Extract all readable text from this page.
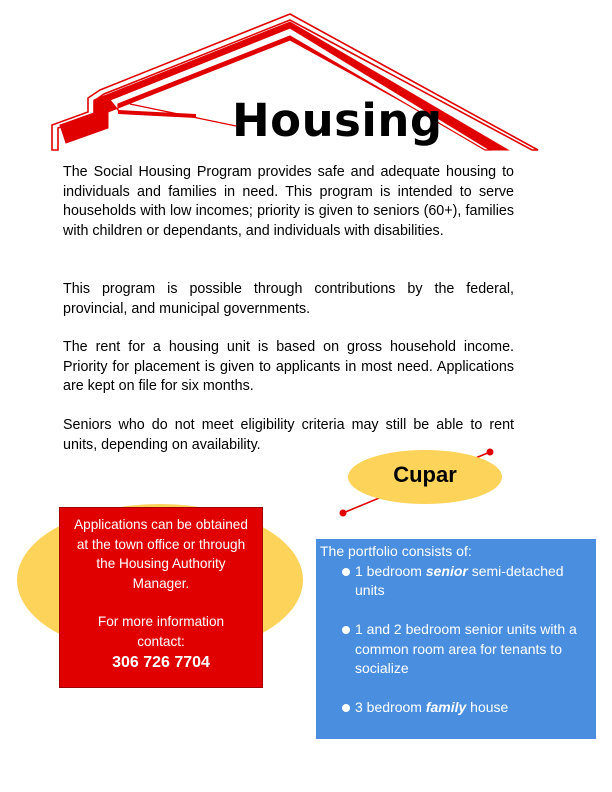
Housing

The Social Housing Program provides safe and adequate housing to individuals and families in need. This program is intended to serve households with low incomes; priority is given to seniors (60+), families with children or dependants, and individuals with disabilities.

This program is possible through contributions by the federal, provincial, and municipal governments.

The rent for a housing unit is based on gross household income. Priority for placement is given to applicants in most need. Applications are kept on file for six months.

Seniors who do not meet eligibility criteria may still be able to rent units, depending on availability.

Cupar
Applications can be obtained
at the town office or through
the Housing Authority
Manager.
For more information
contact:
306 726 7704
The portfolio consists of:
1 bedroom senior semi-detached units
1 and 2 bedroom senior units with a common room area for tenants to socialize
3 bedroom family house
